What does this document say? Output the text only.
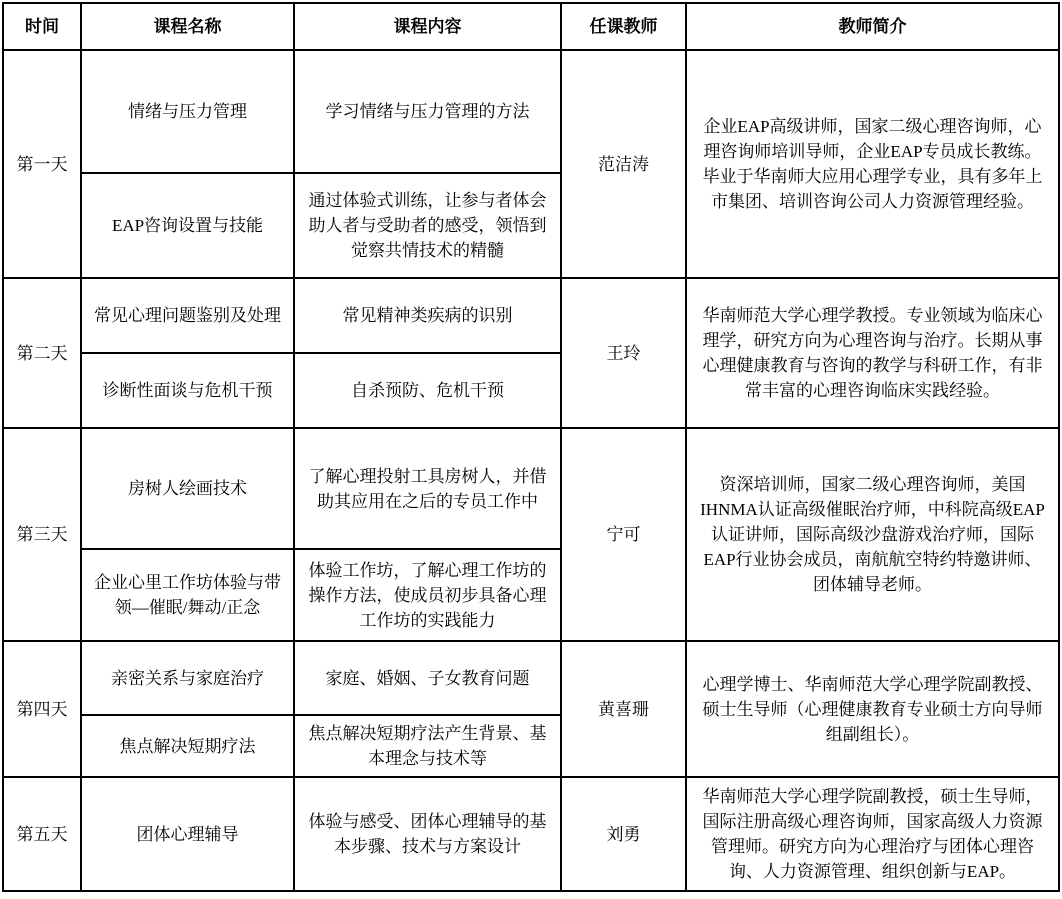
时间	课程名称	课程内容	任课教师	教师简介
第一天	情绪与压力管理	学习情绪与压力管理的方法	范洁涛	企业EAP高级讲师，国家二级心理咨询师，心理咨询师培训导师，企业EAP专员成长教练。毕业于华南师大应用心理学专业，具有多年上市集团、培训咨询公司人力资源管理经验。
	EAP咨询设置与技能	通过体验式训练，让参与者体会助人者与受助者的感受，领悟到觉察共情技术的精髓		
第二天	常见心理问题鉴别及处理	常见精神类疾病的识别	王玲	华南师范大学心理学教授。专业领域为临床心理学，研究方向为心理咨询与治疗。长期从事心理健康教育与咨询的教学与科研工作，有非常丰富的心理咨询临床实践经验。
	诊断性面谈与危机干预	自杀预防、危机干预		
第三天	房树人绘画技术	了解心理投射工具房树人，并借助其应用在之后的专员工作中	宁可	资深培训师，国家二级心理咨询师，美国IHNMA认证高级催眠治疗师，中科院高级EAP认证讲师，国际高级沙盘游戏治疗师，国际EAP行业协会成员，南航航空特约特邀讲师、团体辅导老师。
	企业心里工作坊体验与带领—催眠/舞动/正念	体验工作坊，了解心理工作坊的操作方法，使成员初步具备心理工作坊的实践能力		
第四天	亲密关系与家庭治疗	家庭、婚姻、子女教育问题	黄喜珊	心理学博士、华南师范大学心理学院副教授、硕士生导师（心理健康教育专业硕士方向导师组副组长）。
	焦点解决短期疗法	焦点解决短期疗法产生背景、基本理念与技术等		
第五天	团体心理辅导	体验与感受、团体心理辅导的基本步骤、技术与方案设计	刘勇	华南师范大学心理学院副教授，硕士生导师，国际注册高级心理咨询师，国家高级人力资源管理师。研究方向为心理治疗与团体心理咨询、人力资源管理、组织创新与EAP。
